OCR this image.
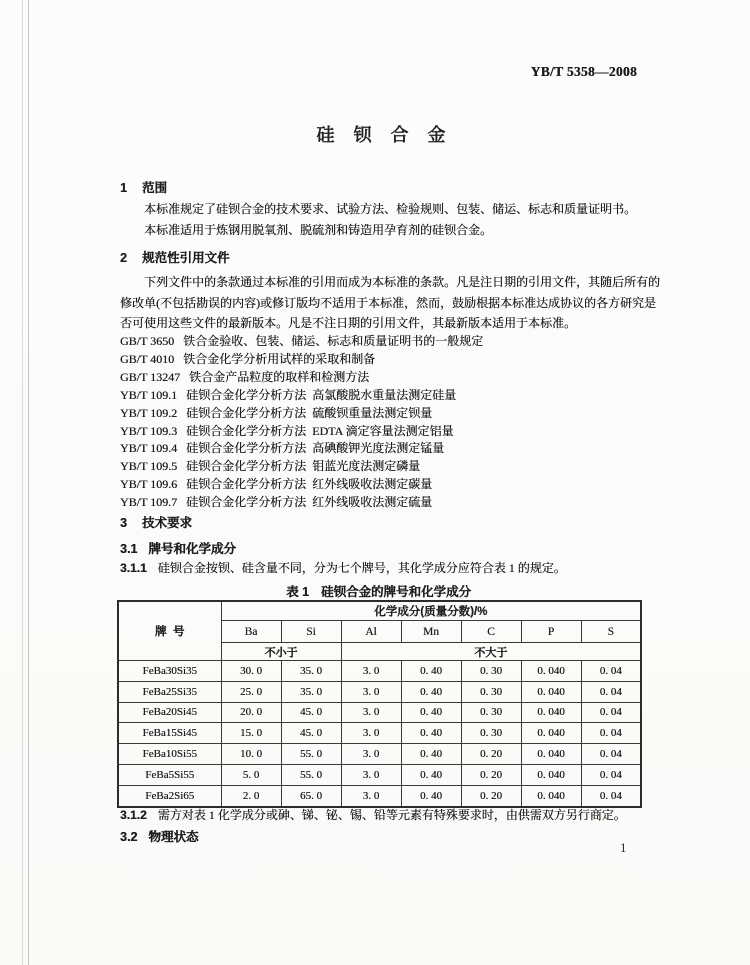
YB/T 5358—2008
硅 钡 合 金
1 范围
本标准规定了硅钡合金的技术要求、试验方法、检验规则、包装、储运、标志和质量证明书。
本标准适用于炼钢用脱氧剂、脱硫剂和铸造用孕育剂的硅钡合金。
2 规范性引用文件
下列文件中的条款通过本标准的引用而成为本标准的条款。凡是注日期的引用文件，其随后所有的
修改单(不包括勘误的内容)或修订版均不适用于本标准，然而，鼓励根据本标准达成协议的各方研究是
否可使用这些文件的最新版本。凡是不注日期的引用文件，其最新版本适用于本标准。
GB/T 3650 铁合金验收、包装、储运、标志和质量证明书的一般规定
GB/T 4010 铁合金化学分析用试样的采取和制备
GB/T 13247 铁合金产品粒度的取样和检测方法
YB/T 109.1 硅钡合金化学分析方法  高氯酸脱水重量法测定硅量
YB/T 109.2 硅钡合金化学分析方法  硫酸钡重量法测定钡量
YB/T 109.3 硅钡合金化学分析方法  EDTA 滴定容量法测定铝量
YB/T 109.4 硅钡合金化学分析方法  高碘酸钾光度法测定锰量
YB/T 109.5 硅钡合金化学分析方法  钼蓝光度法测定磷量
YB/T 109.6 硅钡合金化学分析方法  红外线吸收法测定碳量
YB/T 109.7 硅钡合金化学分析方法  红外线吸收法测定硫量
3 技术要求
3.1 牌号和化学成分
3.1.1 硅钡合金按钡、硅含量不同，分为七个牌号，其化学成分应符合表 1 的规定。
表 1 硅钡合金的牌号和化学成分
牌  号	化学成分(质量分数)/%						
	Ba	Si	Al	Mn	C	P	S
	不小于		不大于				
FeBa30Si35	30. 0	35. 0	3. 0	0. 40	0. 30	0. 040	0. 04
FeBa25Si35	25. 0	35. 0	3. 0	0. 40	0. 30	0. 040	0. 04
FeBa20Si45	20. 0	45. 0	3. 0	0. 40	0. 30	0. 040	0. 04
FeBa15Si45	15. 0	45. 0	3. 0	0. 40	0. 30	0. 040	0. 04
FeBa10Si55	10. 0	55. 0	3. 0	0. 40	0. 20	0. 040	0. 04
FeBa5Si55	5. 0	55. 0	3. 0	0. 40	0. 20	0. 040	0. 04
FeBa2Si65	2. 0	65. 0	3. 0	0. 40	0. 20	0. 040	0. 04
3.1.2 需方对表 1 化学成分或砷、锑、铋、锡、铅等元素有特殊要求时，由供需双方另行商定。
3.2 物理状态
1
